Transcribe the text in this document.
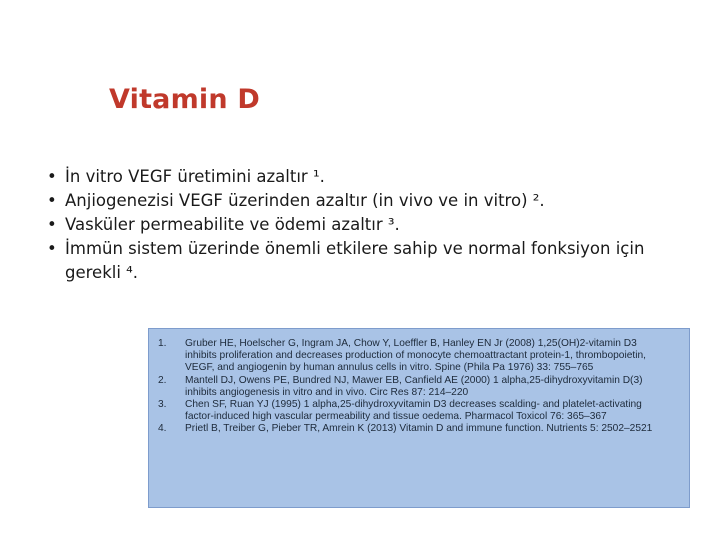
Vitamin D
• İn vitro VEGF üretimini azaltır ¹.
• Anjiogenezisi VEGF üzerinden azaltır (in vivo ve in vitro) ².
• Vasküler permeabilite ve ödemi azaltır ³.
• İmmün sistem üzerinde önemli etkilere sahip ve normal fonksiyon için gerekli ⁴.
1. Gruber HE, Hoelscher G, Ingram JA, Chow Y, Loeffler B, Hanley EN Jr (2008) 1,25(OH)2-vitamin D3 inhibits proliferation and decreases production of monocyte chemoattractant protein-1, thrombopoietin, VEGF, and angiogenin by human annulus cells in vitro. Spine (Phila Pa 1976) 33: 755–765
2. Mantell DJ, Owens PE, Bundred NJ, Mawer EB, Canfield AE (2000) 1 alpha,25-dihydroxyvitamin D(3) inhibits angiogenesis in vitro and in vivo. Circ Res 87: 214–220
3. Chen SF, Ruan YJ (1995) 1 alpha,25-dihydroxyvitamin D3 decreases scalding- and platelet-activating factor-induced high vascular permeability and tissue oedema. Pharmacol Toxicol 76: 365–367
4. Prietl B, Treiber G, Pieber TR, Amrein K (2013) Vitamin D and immune function. Nutrients 5: 2502–2521
